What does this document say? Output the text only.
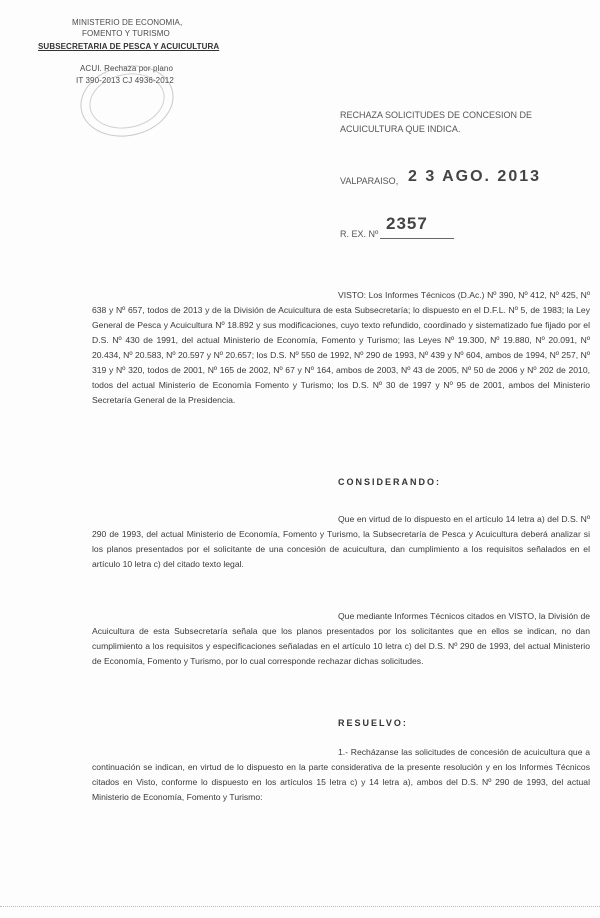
MINISTERIO DE ECONOMIA,
FOMENTO Y TURISMO
SUBSECRETARIA DE PESCA Y ACUICULTURA
ACUI. Rechaza por plano
IT 390-2013 CJ 4936-2012
RECHAZA SOLICITUDES DE CONCESION DE ACUICULTURA QUE INDICA.
VALPARAISO, 2 3 AGO. 2013
R. EX. Nº
2357
VISTO: Los Informes Técnicos (D.Ac.) Nº 390, Nº 412, Nº 425, Nº 638 y Nº 657, todos de 2013 y de la División de Acuicultura de esta Subsecretaría; lo dispuesto en el D.F.L. Nº 5, de 1983; la Ley General de Pesca y Acuicultura Nº 18.892 y sus modificaciones, cuyo texto refundido, coordinado y sistematizado fue fijado por el D.S. Nº 430 de 1991, del actual Ministerio de Economía, Fomento y Turismo; las Leyes Nº 19.300, Nº 19.880, Nº 20.091, Nº 20.434, Nº 20.583, Nº 20.597 y Nº 20.657; los D.S. Nº 550 de 1992, Nº 290 de 1993, Nº 439 y Nº 604, ambos de 1994, Nº 257, Nº 319 y Nº 320, todos de 2001, Nº 165 de 2002, Nº 67 y Nº 164, ambos de 2003, Nº 43 de 2005, Nº 50 de 2006 y Nº 202 de 2010, todos del actual Ministerio de Economía Fomento y Turismo; los D.S. Nº 30 de 1997 y Nº 95 de 2001, ambos del Ministerio Secretaría General de la Presidencia.
CONSIDERANDO:
Que en virtud de lo dispuesto en el artículo 14 letra a) del D.S. Nº 290 de 1993, del actual Ministerio de Economía, Fomento y Turismo, la Subsecretaría de Pesca y Acuicultura deberá analizar si los planos presentados por el solicitante de una concesión de acuicultura, dan cumplimiento a los requisitos señalados en el artículo 10 letra c) del citado texto legal.
Que mediante Informes Técnicos citados en VISTO, la División de Acuicultura de esta Subsecretaría señala que los planos presentados por los solicitantes que en ellos se indican, no dan cumplimiento a los requisitos y especificaciones señaladas en el artículo 10 letra c) del D.S. Nº 290 de 1993, del actual Ministerio de Economía, Fomento y Turismo, por lo cual corresponde rechazar dichas solicitudes.
RESUELVO:
1.- Recházanse las solicitudes de concesión de acuicultura que a continuación se indican, en virtud de lo dispuesto en la parte considerativa de la presente resolución y en los Informes Técnicos citados en Visto, conforme lo dispuesto en los artículos 15 letra c) y 14 letra a), ambos del D.S. Nº 290 de 1993, del actual Ministerio de Economía, Fomento y Turismo:
